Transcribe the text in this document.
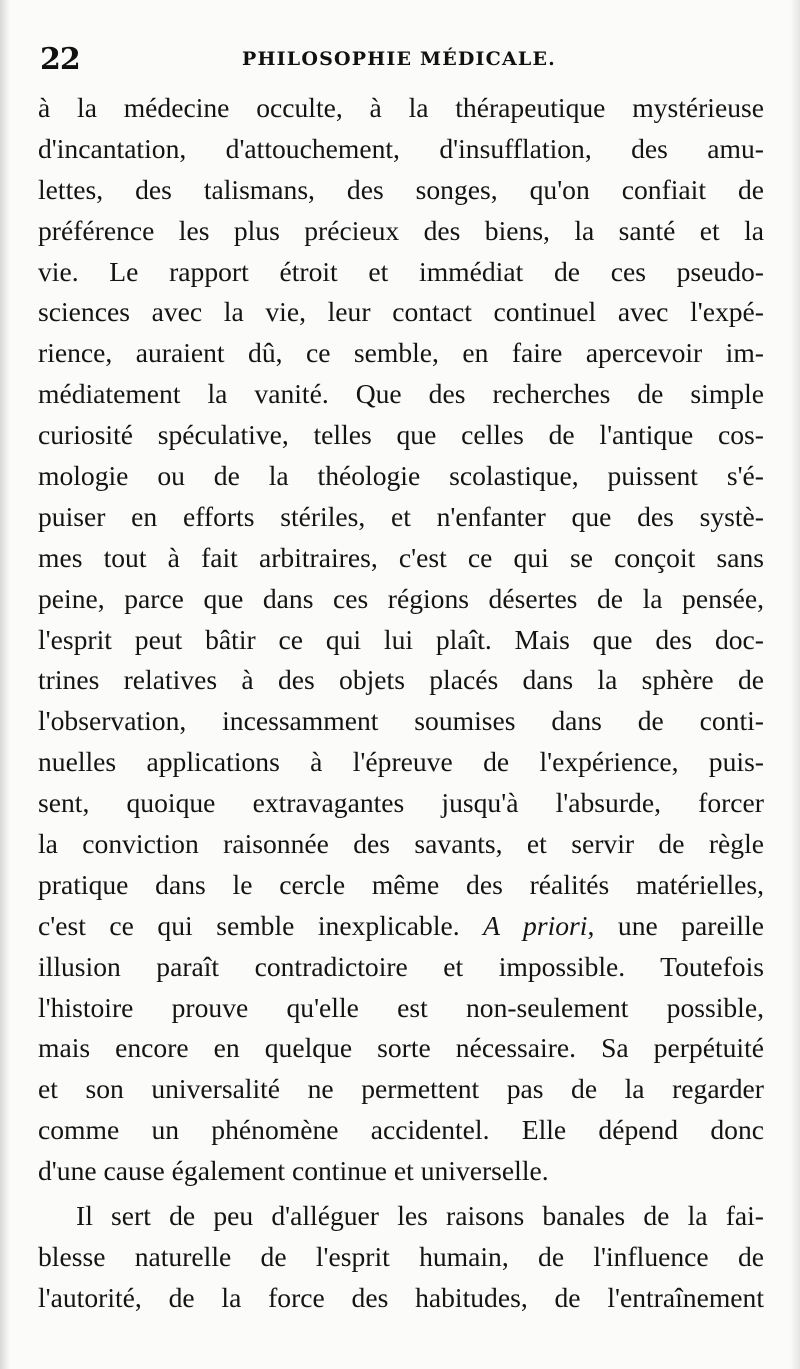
22	PHILOSOPHIE MÉDICALE.
à la médecine occulte, à la thérapeutique mystérieuse
d'incantation, d'attouchement, d'insufflation, des amu-
lettes, des talismans, des songes, qu'on confiait de
préférence les plus précieux des biens, la santé et la
vie. Le rapport étroit et immédiat de ces pseudo-
sciences avec la vie, leur contact continuel avec l'expé-
rience, auraient dû, ce semble, en faire apercevoir im-
médiatement la vanité. Que des recherches de simple
curiosité spéculative, telles que celles de l'antique cos-
mologie ou de la théologie scolastique, puissent s'é-
puiser en efforts stériles, et n'enfanter que des systè-
mes tout à fait arbitraires, c'est ce qui se conçoit sans
peine, parce que dans ces régions désertes de la pensée,
l'esprit peut bâtir ce qui lui plaît. Mais que des doc-
trines relatives à des objets placés dans la sphère de
l'observation, incessamment soumises dans de conti-
nuelles applications à l'épreuve de l'expérience, puis-
sent, quoique extravagantes jusqu'à l'absurde, forcer
la conviction raisonnée des savants, et servir de règle
pratique dans le cercle même des réalités matérielles,
c'est ce qui semble inexplicable. A priori, une pareille
illusion paraît contradictoire et impossible. Toutefois
l'histoire prouve qu'elle est non-seulement possible,
mais encore en quelque sorte nécessaire. Sa perpétuité
et son universalité ne permettent pas de la regarder
comme un phénomène accidentel. Elle dépend donc
d'une cause également continue et universelle.
Il sert de peu d'alléguer les raisons banales de la fai-
blesse naturelle de l'esprit humain, de l'influence de
l'autorité, de la force des habitudes, de l'entraînement
